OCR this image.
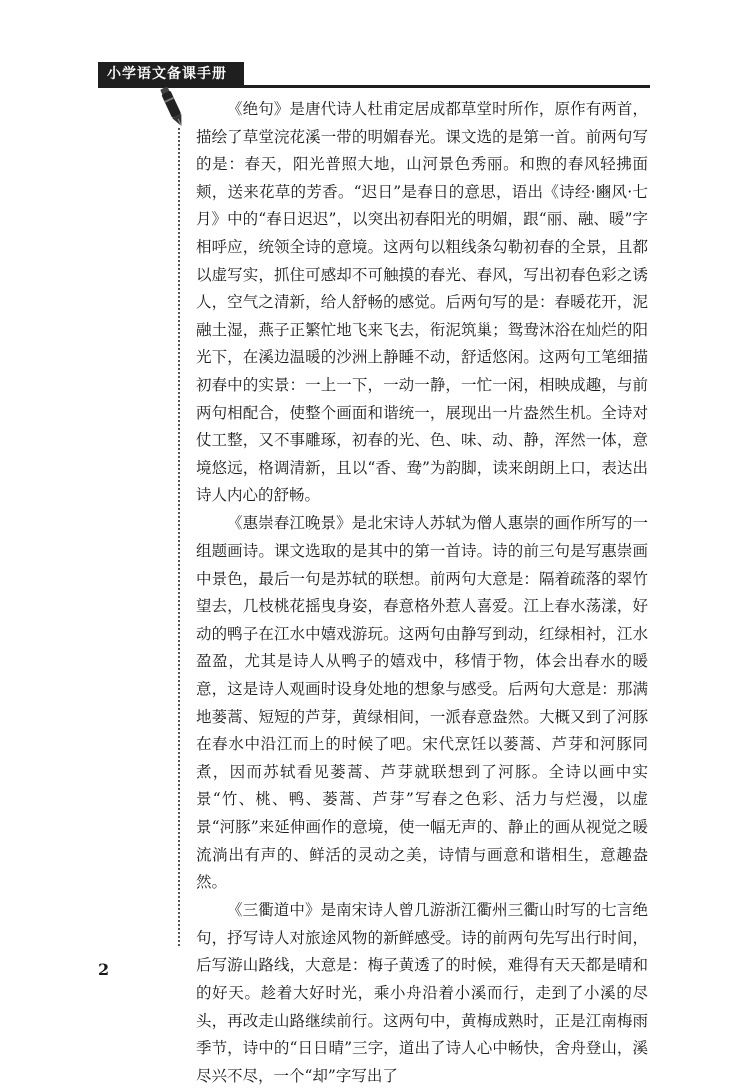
小学语文备课手册

《绝句》是唐代诗人杜甫定居成都草堂时所作，原作有两首，描绘了草堂浣花溪一带的明媚春光。课文选的是第一首。前两句写的是：春天，阳光普照大地，山河景色秀丽。和煦的春风轻拂面颊，送来花草的芳香。“迟日”是春日的意思，语出《诗经·豳风·七月》中的“春日迟迟”，以突出初春阳光的明媚，跟“丽、融、暖”字相呼应，统领全诗的意境。这两句以粗线条勾勒初春的全景，且都以虚写实，抓住可感却不可触摸的春光、春风，写出初春色彩之诱人，空气之清新，给人舒畅的感觉。后两句写的是：春暖花开，泥融土湿，燕子正繁忙地飞来飞去，衔泥筑巢；鸳鸯沐浴在灿烂的阳光下，在溪边温暖的沙洲上静睡不动，舒适悠闲。这两句工笔细描初春中的实景：一上一下，一动一静，一忙一闲，相映成趣，与前两句相配合，使整个画面和谐统一，展现出一片盎然生机。全诗对仗工整，又不事雕琢，初春的光、色、味、动、静，浑然一体，意境悠远，格调清新，且以“香、鸯”为韵脚，读来朗朗上口，表达出诗人内心的舒畅。

《惠崇春江晚景》是北宋诗人苏轼为僧人惠崇的画作所写的一组题画诗。课文选取的是其中的第一首诗。诗的前三句是写惠崇画中景色，最后一句是苏轼的联想。前两句大意是：隔着疏落的翠竹望去，几枝桃花摇曳身姿，春意格外惹人喜爱。江上春水荡漾，好动的鸭子在江水中嬉戏游玩。这两句由静写到动，红绿相衬，江水盈盈，尤其是诗人从鸭子的嬉戏中，移情于物，体会出春水的暖意，这是诗人观画时设身处地的想象与感受。后两句大意是：那满地蒌蒿、短短的芦芽，黄绿相间，一派春意盎然。大概又到了河豚在春水中沿江而上的时候了吧。宋代烹饪以蒌蒿、芦芽和河豚同煮，因而苏轼看见蒌蒿、芦芽就联想到了河豚。全诗以画中实景“竹、桃、鸭、蒌蒿、芦芽”写春之色彩、活力与烂漫，以虚景“河豚”来延伸画作的意境，使一幅无声的、静止的画从视觉之暖流淌出有声的、鲜活的灵动之美，诗情与画意和谐相生，意趣盎然。

《三衢道中》是南宋诗人曾几游浙江衢州三衢山时写的七言绝句，抒写诗人对旅途风物的新鲜感受。诗的前两句先写出行时间，后写游山路线，大意是：梅子黄透了的时候，难得有天天都是晴和的好天。趁着大好时光，乘小舟沿着小溪而行，走到了小溪的尽头，再改走山路继续前行。这两句中，黄梅成熟时，正是江南梅雨季节，诗中的“日日晴”三字，道出了诗人心中畅快，舍舟登山，溪尽兴不尽，一个“却”字写出了

2
